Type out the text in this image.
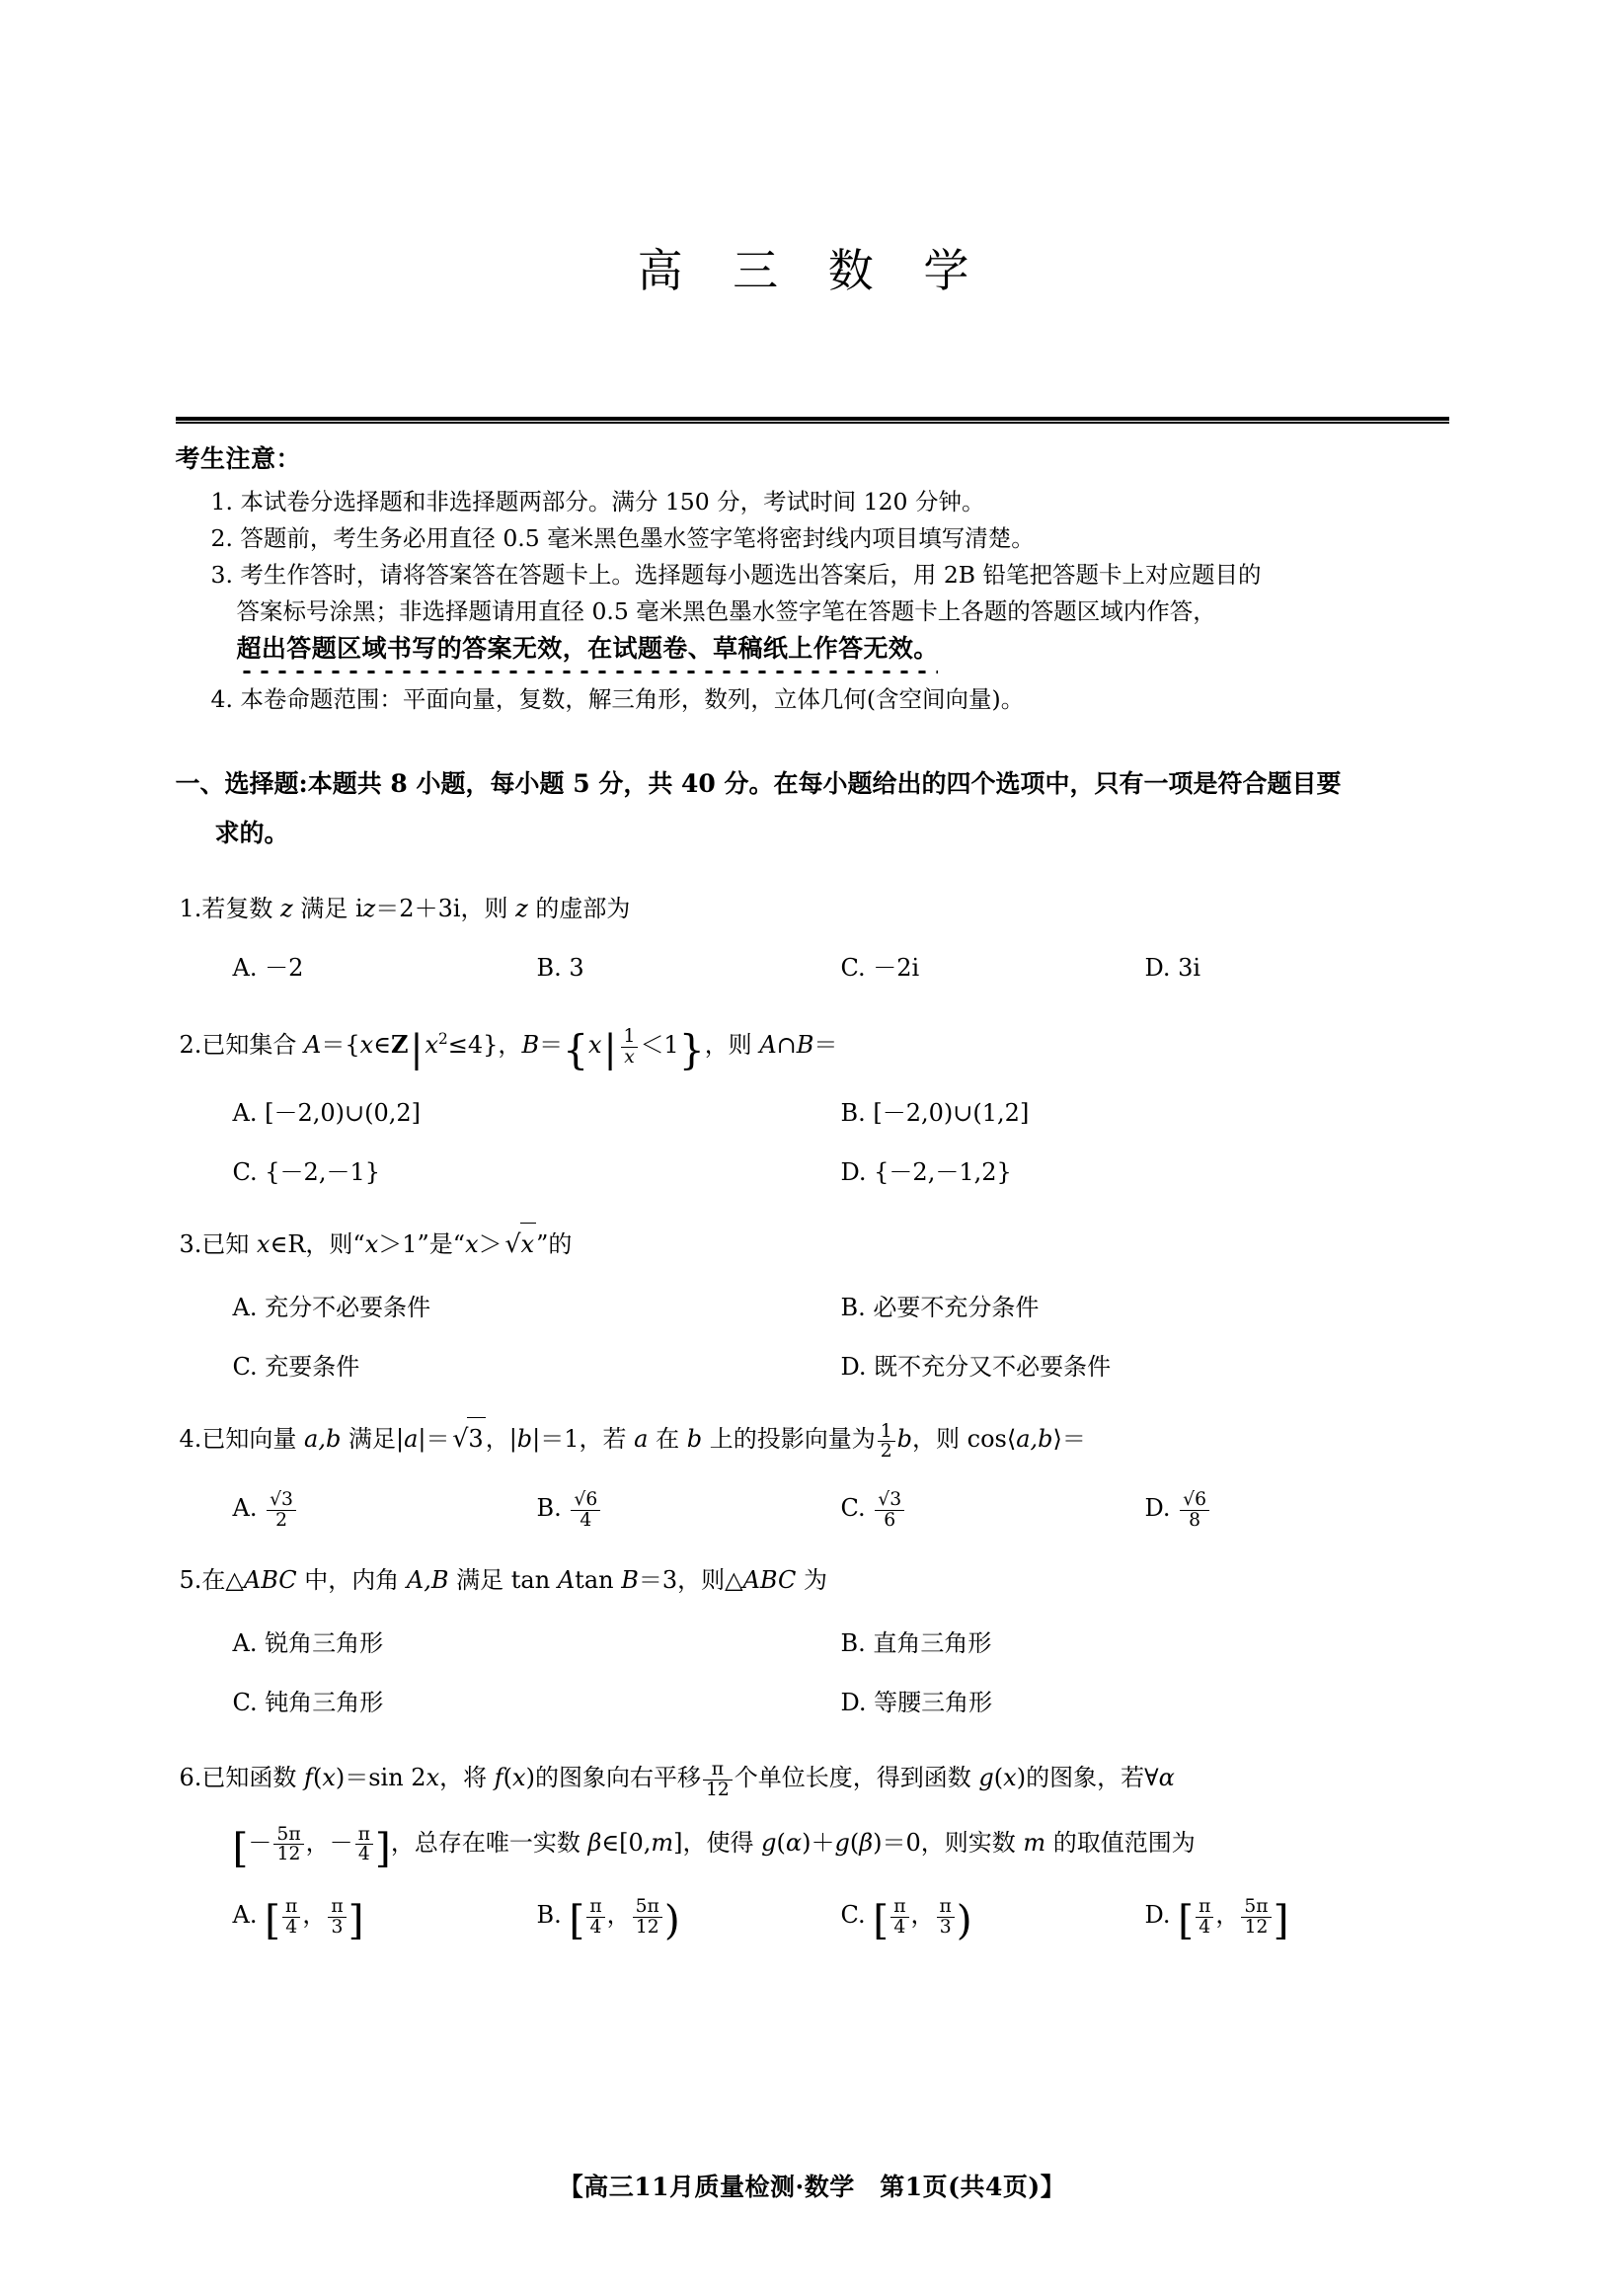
高 三 数 学
考生注意：
1. 本试卷分选择题和非选择题两部分。满分 150 分，考试时间 120 分钟。
2. 答题前，考生务必用直径 0.5 毫米黑色墨水签字笔将密封线内项目填写清楚。
3. 考生作答时，请将答案答在答题卡上。选择题每小题选出答案后，用 2B 铅笔把答题卡上对应题目的
答案标号涂黑；非选择题请用直径 0.5 毫米黑色墨水签字笔在答题卡上各题的答题区域内作答，
超出答题区域书写的答案无效，在试题卷、草稿纸上作答无效。
4. 本卷命题范围：平面向量，复数，解三角形，数列，立体几何(含空间向量)。
一、选择题:本题共 8 小题，每小题 5 分，共 40 分。在每小题给出的四个选项中，只有一项是符合题目要
求的。
1.若复数 z 满足 iz＝2＋3i，则 z 的虚部为
A. －2	B. 3	C. －2i	D. 3i
2.已知集合 $A=\{x\in Z|x^2\le 4\}$，$B=\{x| \frac{1}{x} <1\}$，则 A∩B＝
A. [－2,0)∪(0,2]	B. [－2,0)∪(1,2]
C. {－2,－1}	D. {－2,－1,2}
3.已知 x∈R，则“x＞1”是“x＞ √x”的
A. 充分不必要条件	B. 必要不充分条件
C. 充要条件	D. 既不充分又不必要条件
4.已知向量 a,b 满足|a|＝ √3，|b|＝1，若 a 在 b 上的投影向量为 $\frac{1}{2}$ b，则 cos⟨a,b⟩＝
A. $\frac{√3}{2}$	B. $\frac{√6}{4}$	C. $\frac{√3}{6}$	D. $\frac{√6}{8}$
5.在△ABC 中，内角 A,B 满足 tan Atan B＝3，则△ABC 为
A. 锐角三角形	B. 直角三角形
C. 钝角三角形	D. 等腰三角形
6.已知函数 f(x)＝sin 2x，将 f(x)的图象向右平移 $\frac{\pi}{12}$ 个单位长度，得到函数 g(x)的图象，若∀α
[－ $\frac{5\pi}{12}$ ，－ $\frac{\pi}{4}$ ]，总存在唯一实数 β∈[0,m]，使得 g(α)＋g(β)＝0，则实数 m 的取值范围为
A. [ $\frac{\pi}{4}$ ， $\frac{\pi}{3}$ ]	B. [ $\frac{\pi}{4}$ ， $\frac{5\pi}{12}$ )	C. [ $\frac{\pi}{4}$ ， $\frac{\pi}{3}$ )	D. [ $\frac{\pi}{4}$ ， $\frac{5\pi}{12}$ ]
【高三11月质量检测·数学　第1页(共4页)】
